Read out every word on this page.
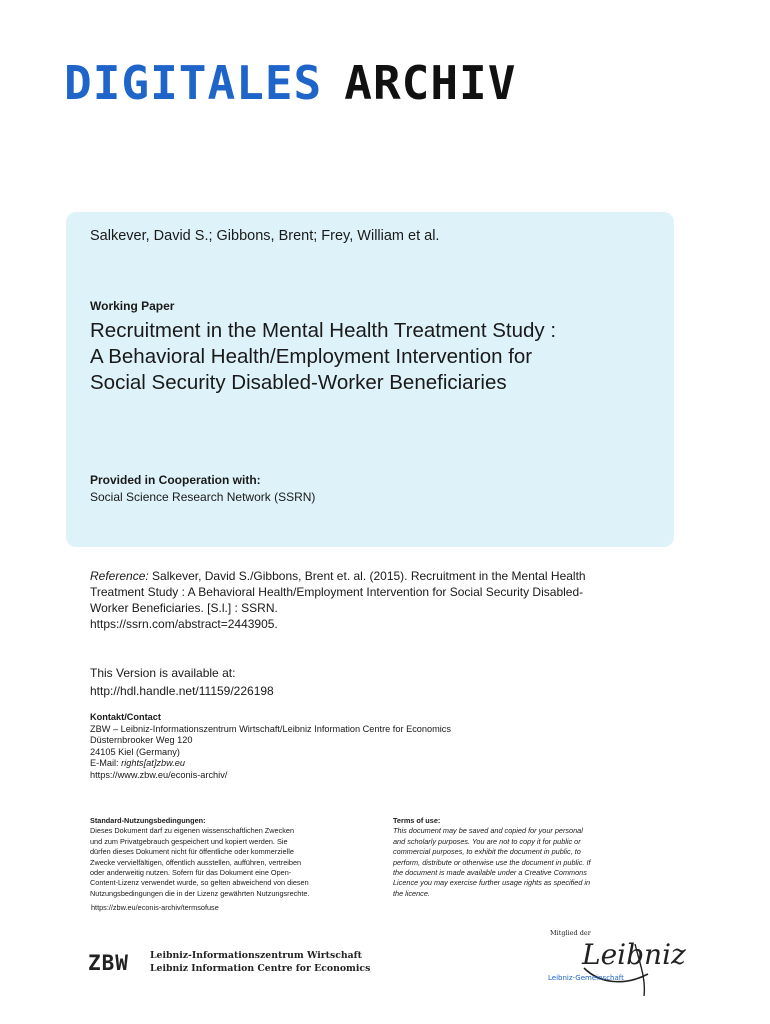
DIGITALES ARCHIV
Salkever, David S.; Gibbons, Brent; Frey, William et al.
Working Paper
Recruitment in the Mental Health Treatment Study :
A Behavioral Health/Employment Intervention for
Social Security Disabled-Worker Beneficiaries
Provided in Cooperation with:
Social Science Research Network (SSRN)
Reference: Salkever, David S./Gibbons, Brent et. al. (2015). Recruitment in the Mental Health
Treatment Study : A Behavioral Health/Employment Intervention for Social Security Disabled-
Worker Beneficiaries. [S.l.] : SSRN.
https://ssrn.com/abstract=2443905.
This Version is available at:
http://hdl.handle.net/11159/226198
Kontakt/Contact
ZBW – Leibniz-Informationszentrum Wirtschaft/Leibniz Information Centre for Economics
Düsternbrooker Weg 120
24105 Kiel (Germany)
E-Mail: rights[at]zbw.eu
https://www.zbw.eu/econis-archiv/
Standard-Nutzungsbedingungen:
Dieses Dokument darf zu eigenen wissenschaftlichen Zwecken
und zum Privatgebrauch gespeichert und kopiert werden. Sie
dürfen dieses Dokument nicht für öffentliche oder kommerzielle
Zwecke vervielfältigen, öffentlich ausstellen, aufführen, vertreiben
oder anderweitig nutzen. Sofern für das Dokument eine Open-
Content-Lizenz verwendet wurde, so gelten abweichend von diesen
Nutzungsbedingungen die in der Lizenz gewährten Nutzungsrechte.
Terms of use:
This document may be saved and copied for your personal
and scholarly purposes. You are not to copy it for public or
commercial purposes, to exhibit the document in public, to
perform, distribute or otherwise use the document in public. If
the document is made available under a Creative Commons
Licence you may exercise further usage rights as specified in
the licence.
https://zbw.eu/econis-archiv/termsofuse
ZBW Leibniz-Informationszentrum Wirtschaft
Leibniz Information Centre for Economics
Mitglied der
Leibniz
Leibniz-Gemeinschaft
